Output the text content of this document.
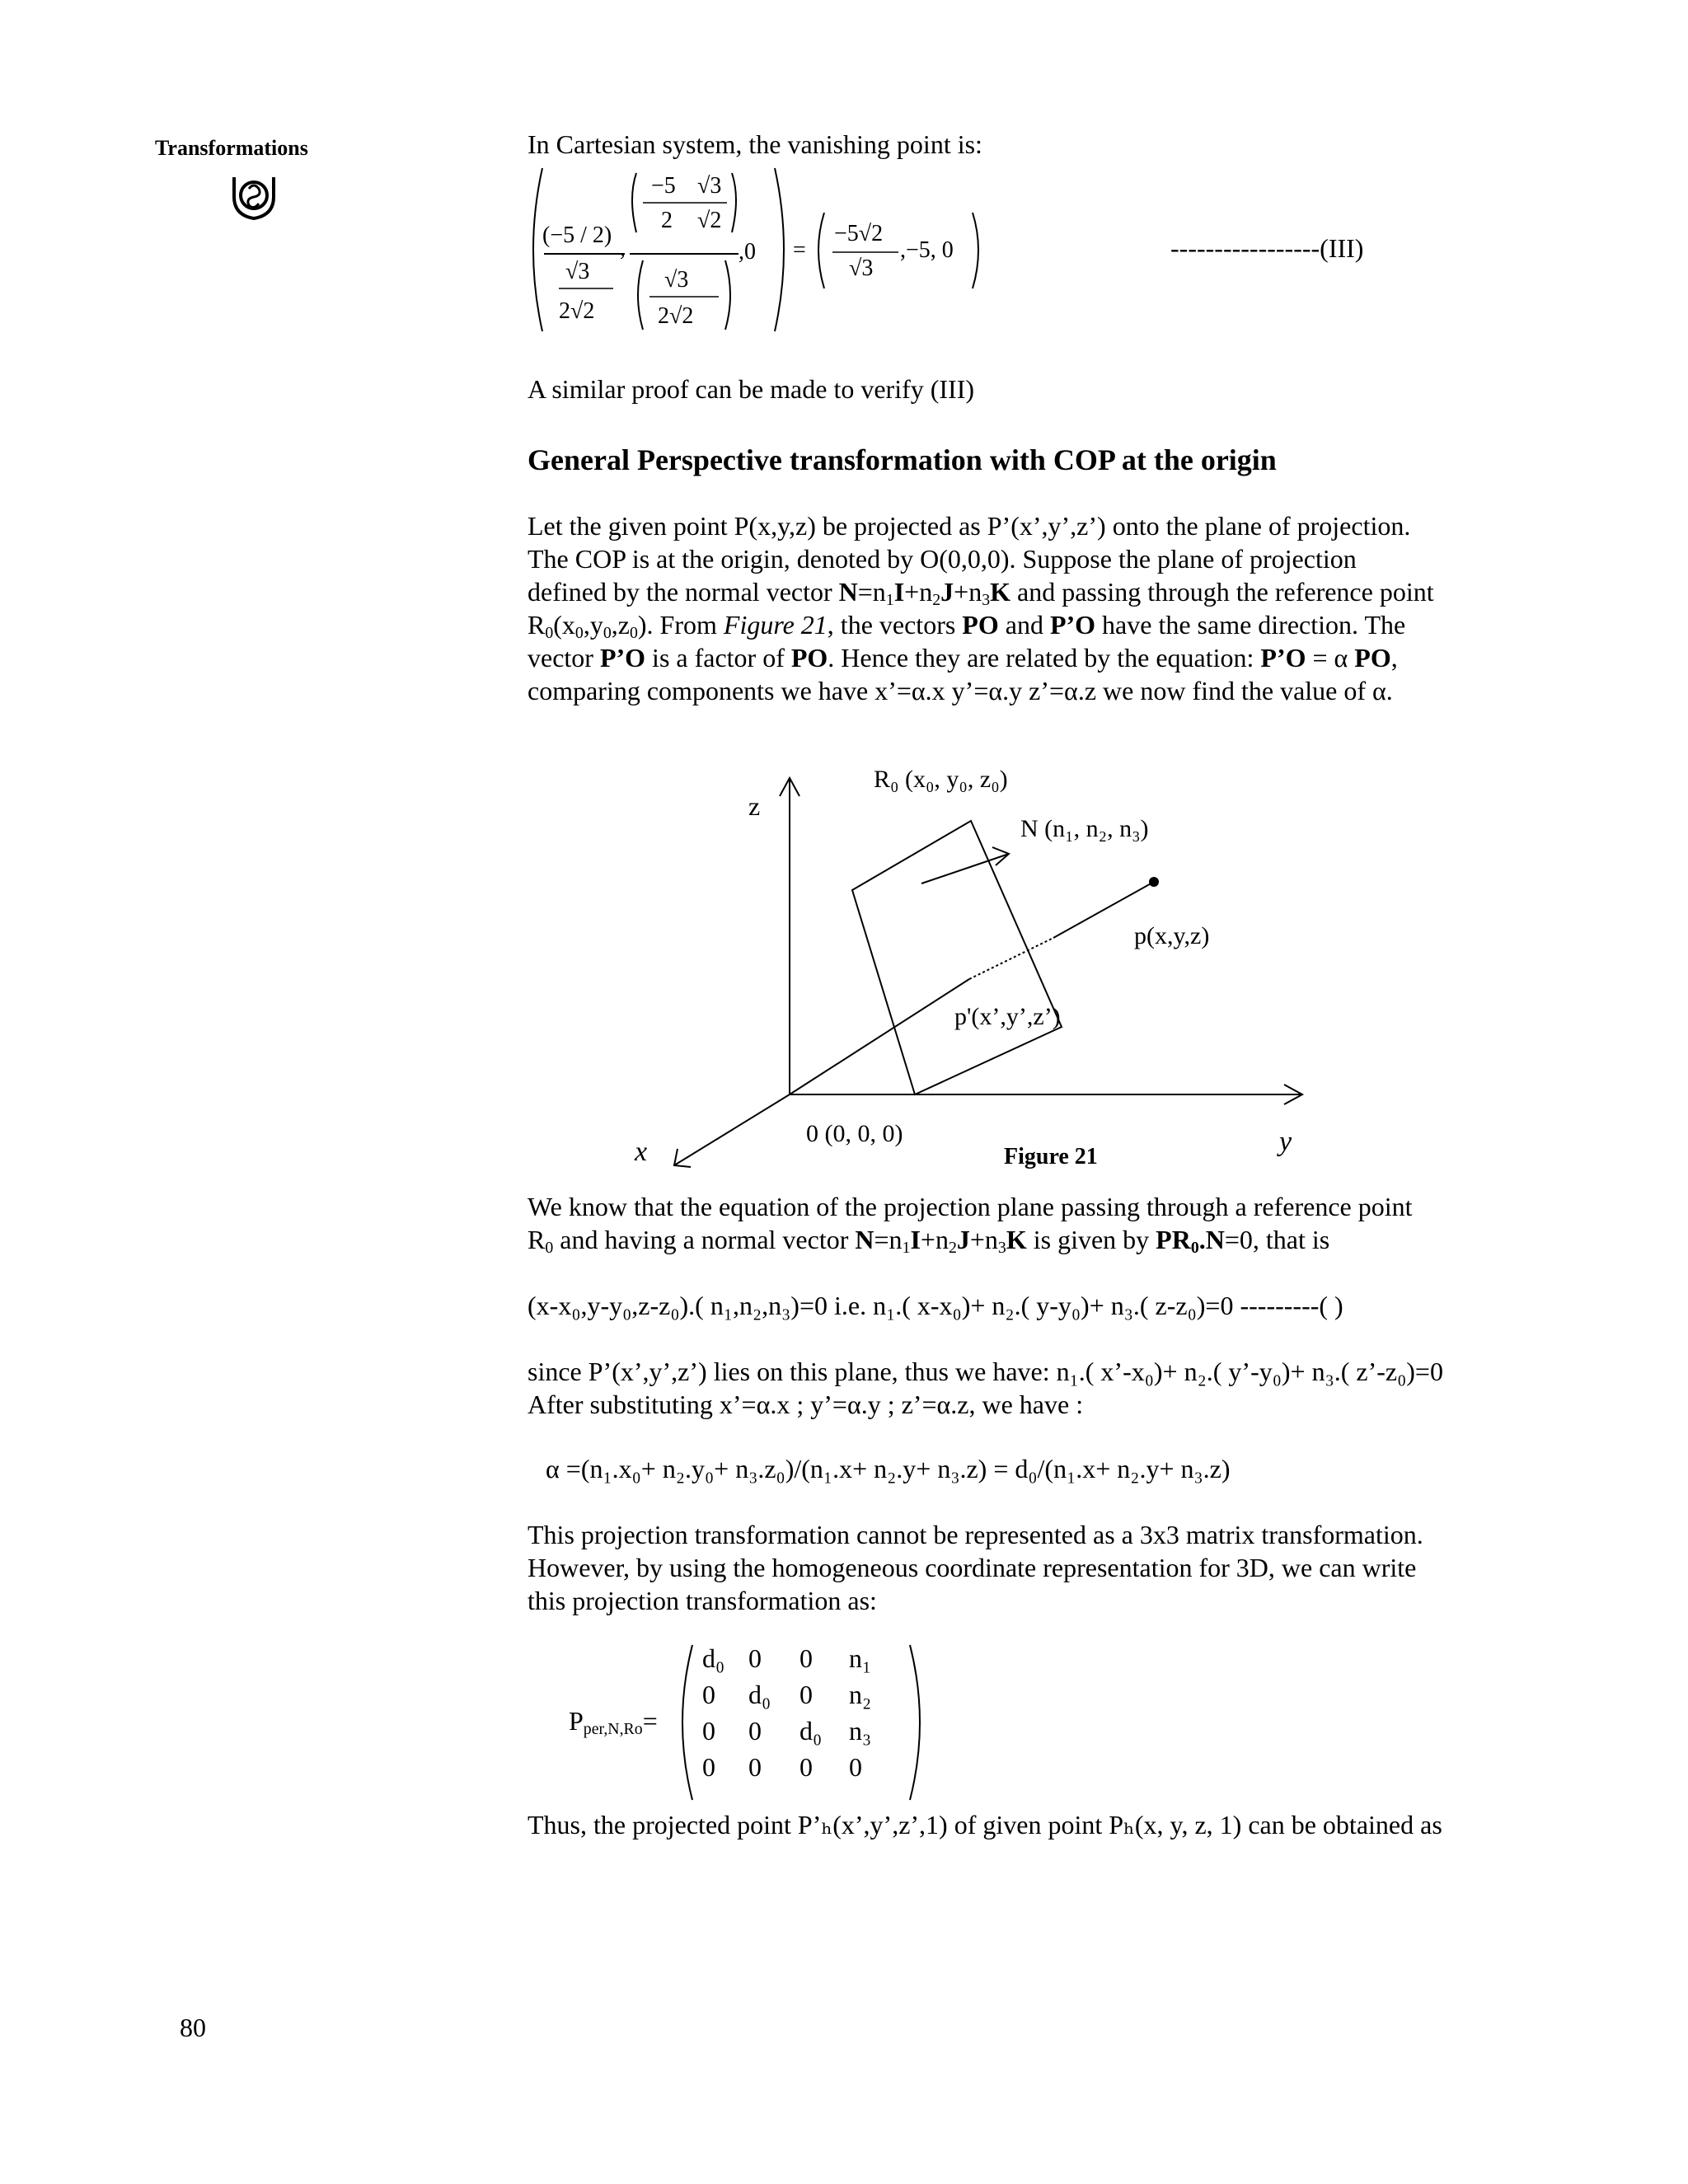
Transformations	In Cartesian system, the vanishing point is:
(−5 / 2)
√3
2√2
,
−5 √3
2 √2
√3
2√2
,0 =
−5√2
√3
,−5, 0	-----------------(III)
A similar proof can be made to verify (III)
General Perspective transformation with COP at the origin
Let the given point P(x,y,z) be projected as P’(x’,y’,z’) onto the plane of projection.
The COP is at the origin, denoted by O(0,0,0). Suppose the plane of projection
defined by the normal vector $N=n_1I+n_2J+n_3K$ and passing through the reference point
$R_0(x_0,y_0,z_0)$. From Figure 21, the vectors PO and P’O have the same direction. The
vector P’O is a factor of PO. Hence they are related by the equation: P’O = α PO,
comparing components we have x’=α.x y’=α.y z’=α.z we now find the value of α.
R₀ (x₀, y₀, z₀)
z
N (n₁, n₂, n₃)
p(x,y,z)
p'(x’,y’,z’)
0 (0, 0, 0)
x	y
Figure 21
We know that the equation of the projection plane passing through a reference point
$R_0$ and having a normal vector $N=n_1I+n_2J+n_3K$ is given by $PR_0.N=0$, that is
(x-x₀,y-y₀,z-z₀).( n₁,n₂,n₃)=0 i.e. n₁.( x-x₀)+ n₂.( y-y₀)+ n₃.( z-z₀)=0 ---------( )
since P’(x’,y’,z’) lies on this plane, thus we have: n₁.( x’-x₀)+ n₂.( y’-y₀)+ n₃.( z’-z₀)=0
After substituting x’=α.x ; y’=α.y ; z’=α.z, we have :
α =(n₁.x₀+ n₂.y₀+ n₃.z₀)/(n₁.x+ n₂.y+ n₃.z) = d₀/(n₁.x+ n₂.y+ n₃.z)
This projection transformation cannot be represented as a 3x3 matrix transformation.
However, by using the homogeneous coordinate representation for 3D, we can write
this projection transformation as:
$P_{per,N,Ro}=$
d₀ 0 0 n₁
0 d₀ 0 n₂
0 0 d₀ n₃
0 0 0 0
Thus, the projected point P’ₕ(x’,y’,z’,1) of given point Pₕ(x, y, z, 1) can be obtained as
80
